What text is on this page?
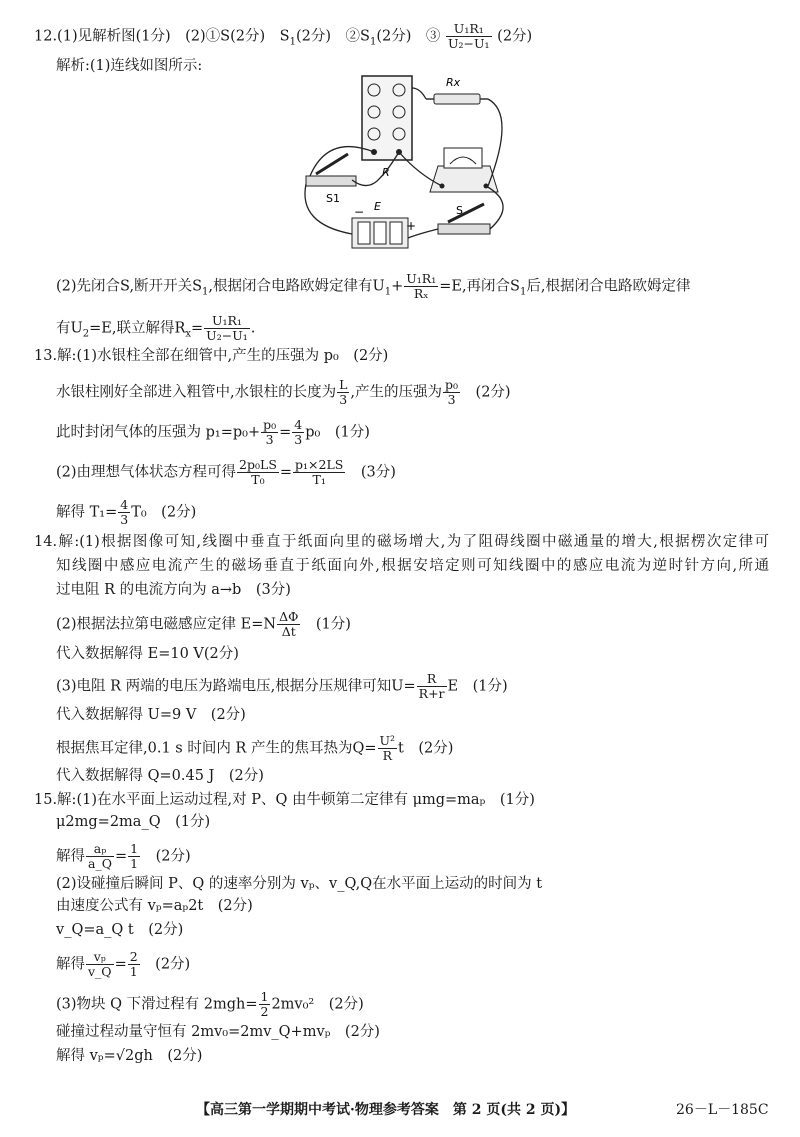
12.(1)见解析图(1分)　(2)①S(2分)　$S_1(2$分)　$②S_1(2$分)　③ $\frac{\text{U₁R₁}}{\text{U₂−U₁}} (2$分)
解析:(1)连线如图所示:
R
Rx
S1
E
−
+
S
(2)先闭合S,断开开关$S_1$,根据闭合电路欧姆定律有$U_1+ \frac{\text{U₁R₁}}{\text{Rₓ}} =E$,再闭合$S_1$后,根据闭合电路欧姆定律
有$U_2=E$,联立解得$R_x= \frac{\text{U₁R₁}}{\text{U₂−U₁}}$ .
13.解:(1)水银柱全部在细管中,产生的压强为 p₀　(2分)
水银柱刚好全部进入粗管中,水银柱的长度为 $\frac{L}{3}$ ,产生的压强为 $\frac{\text{p₀}}{3}$
　 (2分)
此时封闭气体的压强为 $p_1=p_0+ \frac{\text{p₀}}{3} = \frac{4}{3} p_0$　(1分)
(2)由理想气体状态方程可得 $\frac{\text{2p₀LS}}{\text{T₀}} = \frac{\text{p₁×2LS}}{\text{T₁}}$
　 (3分)
解得 $T_1= \frac{4}{3} T_0$　(2分)
14.解:(1)根据图像可知,线圈中垂直于纸面向里的磁场增大,为了阻碍线圈中磁通量的增大,根据楞次定律可
知线圈中感应电流产生的磁场垂直于纸面向外,根据安培定则可知线圈中的感应电流为逆时针方向,所通
过电阻 R 的电流方向为 a→b　(3分)
(2)根据法拉第电磁感应定律 $E=N \frac{\Delta\Phi}{\Delta t}$
　 (1分)
代入数据解得 E=10 V(2分)
(3)电阻 R 两端的电压为路端电压,根据分压规律可知$U= \frac{R}{R+r}$ E　(1分)
代入数据解得 U=9 V　(2分)
根据焦耳定律,0.1 s 时间内 R 产生的焦耳热为$Q= \frac{\text{U²}}{R}$ t　(2分)
代入数据解得 Q=0.45 J　(2分)
15.解:(1)在水平面上运动过程,对 P、Q 由牛顿第二定律有 μmg=maₚ　(1分)
μ2mg=2ma_Q　(1分)
解得 $\frac{\text{aₚ}}{a\_Q} = \frac{1}{1}$
　 (2分)
(2)设碰撞后瞬间 P、Q 的速率分别为 vₚ、v_Q,Q在水平面上运动的时间为 t
由速度公式有 vₚ=aₚ2t　(2分)
v_Q=a_Q t　(2分)
解得 $\frac{\text{vₚ}}{v\_Q} = \frac{2}{1}$
　 (2分)
(3)物块 Q 下滑过程有 $2mgh= \frac{1}{2} 2mv_0^2$　(2分)
碰撞过程动量守恒有 2mv₀=2mv_Q+mvₚ　(2分)
解得 vₚ=√2gh　(2分)
【高三第一学期期中考试·物理参考答案　第 2 页(共 2 页)】	26－L－185C
